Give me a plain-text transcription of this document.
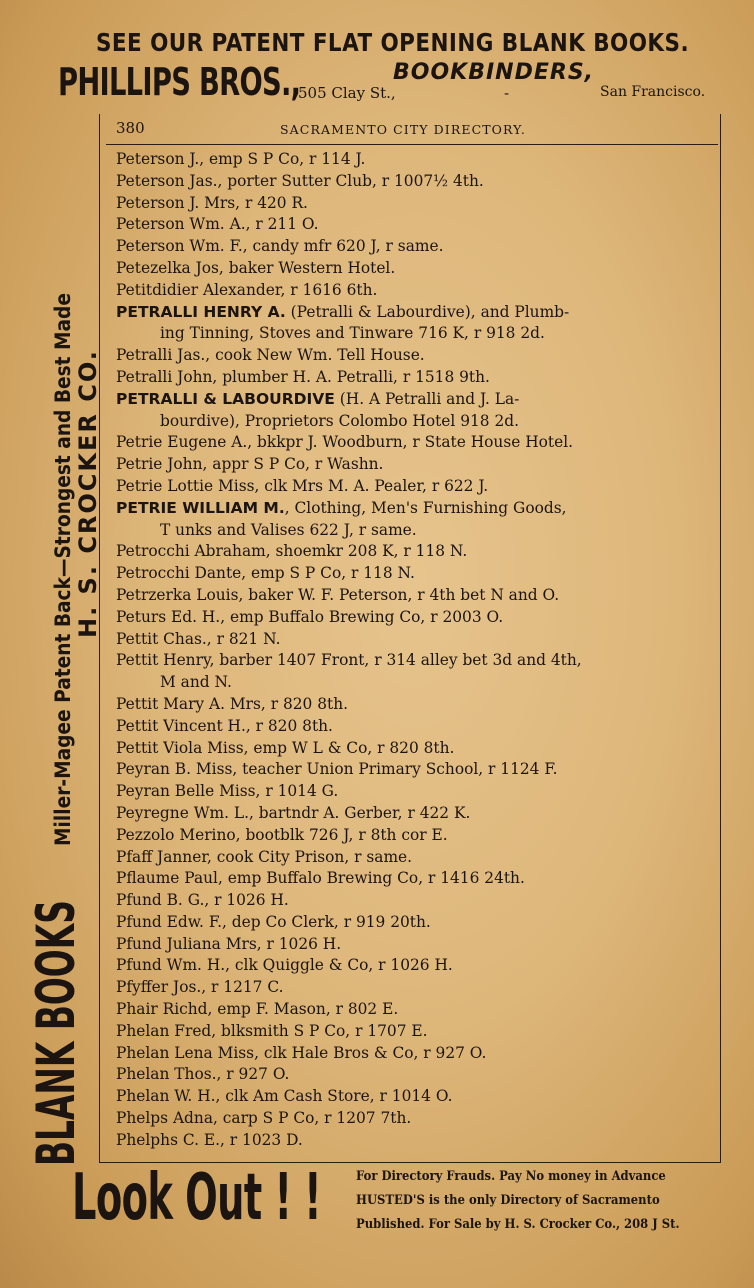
SEE OUR PATENT FLAT OPENING BLANK BOOKS.
PHILLIPS BROS.,	BOOKBINDERS,
505 Clay St.,	-	San Francisco.
BLANK BOOKS
Miller-Magee Patent Back—Strongest and Best Made H. S. CROCKER CO.
380	SACRAMENTO CITY DIRECTORY.
Peterson J., emp S P Co, r 114 J.
Peterson Jas., porter Sutter Club, r 1007½ 4th.
Peterson J. Mrs, r 420 R.
Peterson Wm. A., r 211 O.
Peterson Wm. F., candy mfr 620 J, r same.
Petezelka Jos, baker Western Hotel.
Petitdidier Alexander, r 1616 6th.
PETRALLI HENRY A. (Petralli & Labourdive), and Plumb-
ing Tinning, Stoves and Tinware 716 K, r 918 2d.
Petralli Jas., cook New Wm. Tell House.
Petralli John, plumber H. A. Petralli, r 1518 9th.
PETRALLI & LABOURDIVE (H. A Petralli and J. La-
bourdive), Proprietors Colombo Hotel 918 2d.
Petrie Eugene A., bkkpr J. Woodburn, r State House Hotel.
Petrie John, appr S P Co, r Washn.
Petrie Lottie Miss, clk Mrs M. A. Pealer, r 622 J.
PETRIE WILLIAM M., Clothing, Men's Furnishing Goods,
T unks and Valises 622 J, r same.
Petrocchi Abraham, shoemkr 208 K, r 118 N.
Petrocchi Dante, emp S P Co, r 118 N.
Petrzerka Louis, baker W. F. Peterson, r 4th bet N and O.
Peturs Ed. H., emp Buffalo Brewing Co, r 2003 O.
Pettit Chas., r 821 N.
Pettit Henry, barber 1407 Front, r 314 alley bet 3d and 4th,
M and N.
Pettit Mary A. Mrs, r 820 8th.
Pettit Vincent H., r 820 8th.
Pettit Viola Miss, emp W L & Co, r 820 8th.
Peyran B. Miss, teacher Union Primary School, r 1124 F.
Peyran Belle Miss, r 1014 G.
Peyregne Wm. L., bartndr A. Gerber, r 422 K.
Pezzolo Merino, bootblk 726 J, r 8th cor E.
Pfaff Janner, cook City Prison, r same.
Pflaume Paul, emp Buffalo Brewing Co, r 1416 24th.
Pfund B. G., r 1026 H.
Pfund Edw. F., dep Co Clerk, r 919 20th.
Pfund Juliana Mrs, r 1026 H.
Pfund Wm. H., clk Quiggle & Co, r 1026 H.
Pfyffer Jos., r 1217 C.
Phair Richd, emp F. Mason, r 802 E.
Phelan Fred, blksmith S P Co, r 1707 E.
Phelan Lena Miss, clk Hale Bros & Co, r 927 O.
Phelan Thos., r 927 O.
Phelan W. H., clk Am Cash Store, r 1014 O.
Phelps Adna, carp S P Co, r 1207 7th.
Phelphs C. E., r 1023 D.
Look Out ! !	For Directory Frauds. Pay No money in Advance
HUSTED'S is the only Directory of Sacramento
Published. For Sale by H. S. Crocker Co., 208 J St.
